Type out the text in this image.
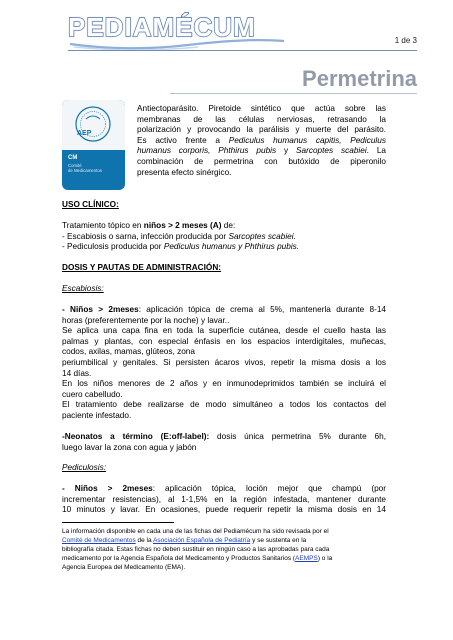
PEDIAMÉCUM	1 de 3
Permetrina
AEP
CM
Comité
de Medicamentos
Antiectoparásito. Piretoide sintético que actúa sobre las
membranas de las células nerviosas, retrasando la
polarización y provocando la parálisis y muerte del parásito.
Es activo frente a Pediculus humanus capitis, Pediculus
humanus corporis, Phthirus pubis y Sarcoptes scabiei. La
combinación de permetrina con butóxido de piperonilo
presenta efecto sinérgico.
USO CLÍNICO:
Tratamiento tópico en niños > 2 meses (A) de:
- Escabiosis o sarna, infección producida por Sarcoptes scabiei.
- Pediculosis producida por Pediculus humanus y Phthirus pubis.
DOSIS Y PAUTAS DE ADMINISTRACIÓN:
Escabiosis:
- Niños > 2meses: aplicación tópica de crema al 5%, mantenerla durante 8-14
horas (preferentemente por la noche) y lavar..
Se aplica una capa fina en toda la superficie cutánea, desde el cuello hasta las
palmas y plantas, con especial énfasis en los espacios interdigitales, muñecas,
codos, axilas, mamas, glúteos, zona
periumbilical y genitales. Si persisten ácaros vivos, repetir la misma dosis a los
14 días.
En los niños menores de 2 años y en inmunodeprimidos también se incluirá el
cuero cabelludo.
El tratamiento debe realizarse de modo simultáneo a todos los contactos del
paciente infestado.
-Neonatos a término (E:off-label): dosis única permetrina 5% durante 6h,
luego lavar la zona con agua y jabón
Pediculosis:
- Niños > 2meses: aplicación tópica, loción mejor que champú (por
incrementar resistencias), al 1-1,5% en la región infestada, mantener durante
10 minutos y lavar. En ocasiones, puede requerir repetir la misma dosis en 14
La información disponible en cada una de las fichas del Pediamécum ha sido revisada por el
Comité de Medicamentos de la Asociación Española de Pediatría y se sustenta en la
bibliografía citada. Estas fichas no deben sustituir en ningún caso a las aprobadas para cada
medicamento por la Agencia Española del Medicamento y Productos Sanitarios (AEMPS) o la
Agencia Europea del Medicamento (EMA).
